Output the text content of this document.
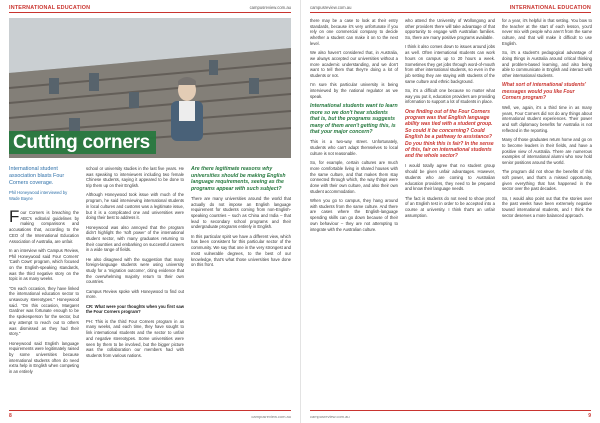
INTERNATIONAL EDUCATION	campusreview.com.au
Cutting corners
International student association blasts Four Corners coverage.
Phil Honeywood interviewed by Wade Bayne

Four Corners is breaching the ABC's editorial guidelines by making comparisons and accusations that, according to the CEO of the International Education Association of Australia, are unfair.

In an interview with Campus Review, Phil Honeywood said Four Corners' 'Cash Cows' program, which focused on the English-speaking standards, was the third negative story on the topic in as many weeks.

"On each occasion, they have linked the international education sector to unsavoury stereotypes." Honeywood said. "On this occasion, Margaret Gardner was fortunate enough to be the spokesperson for the sector, but any attempt to reach out to others was dismissed as they had their story."

Honeywood said English language requirements were legitimately raised by some universities because international students often do need extra help in English when competing in an entirely

school or university studies in the last five years. He was speaking to interviewers including two female Chinese students, saying it appeared to be done to trip them up on their English.

Although Honeywood took issue with much of the program, he said interviewing international students in local cultures and customs was a legitimate issue, but it is a complicated one and universities were doing their best to address it.

Honeywood was also annoyed that the program didn't highlight the 'soft power' of the international student sector, with many graduates returning to their countries and embarking on successful careers in a wide range of fields.

He also disagreed with the suggestion that many foreign-language students were using university study for a 'migration outcome', citing evidence that the overwhelming majority return to their own countries.

Campus Review spoke with Honeywood to find out more.

CR: What were your thoughts when you first saw the Four Corners program?

PH: This is the third Four Corners program in as many weeks, and each time, they have sought to link international students and the sector to unfair and negative stereotypes. Some universities were seen by them to be involved, but the bigger picture was the collaboration our members had with students from various nations.

Are there legitimate reasons why universities should be making English language requirements, seeing as the programs appear with such subject?

There are many universities around the world that actually do not impose an English language requirement for students coming from non-English-speaking countries – such as China and India – that lead to secondary school programs and their undergraduate programs entirely in English.

In this particular spirit we have a different view, which has been consistent for this particular sector of the community. We say that one in the very strongest and most vulnerable degrees, to the best of our knowledge, that's what those universities have done on this front.

8	campusreview.com.au
campusreview.com.au	INTERNATIONAL EDUCATION

there may be a case to look at their entry standards, because it's very unfortunate if you rely on one commercial company to decide whether a student can make it on to the next level.

We also haven't considered that, in Australia, we always accepted our universities without a more academic understanding, and we don't want to tell them that they're doing a lot of students or not.

I'm sure this particular university is being interviewed by the national regulator as we speak.

International students want to learn more so we don't hear students that is, but the programs suggests many of them aren't getting this, is that your major concern?

This is a two-way street. Unfortunately, students who can't adapt themselves to local culture is not reasonable.

So, for example, certain cultures are much more comfortable living in shared houses with the same culture, and that makes them stay connected through which, the way things were done with their own culture, and also their own student accommodation.

When you go to campus, they hang around with students from the same culture. And there are cases where the English-language spending skills can go down because of their own behaviour – they are not attempting to integrate with the Australian culture.

who attend the University of Wollongong and other providers there will take advantage of that opportunity to engage with Australian families. So, there are many positive programs available.

I think it also comes down to issues around jobs as well. Often international students can work hours on campus up to 20 hours a week. Sometimes they get jobs through word-of-mouth from other international students, so even in the job setting they are staying with students of the same culture and ethnic background.

So, it's a difficult one because no matter what way you put it, education providers are providing information to support a lot of students in place.

One finding out of the Four Corners program was that English language ability was tied with a student group. So could it be concerning? Could English be a pathway to assistance? Do you think this is fair? In the sense of this, fair on international students and the whole sector?

I would totally agree that no student group should be given unfair advantages. However, students who are coming to Australian education providers, they need to be prepared and know their language needs.

The fact is students do not need to show proof of an English test in order to be accepted into a course at university. I think that's an unfair assumption.

for a year, it's helpful in that setting. You bow to the teacher at the start of each lesson, you'd never mix with people who aren't from the same culture, and that will make it difficult to use English.

So, it's a student's pedagogical advantage of doing things in Australia around critical thinking and problem-based learning, and also being able to communicate in English and interact with other international students.

What sort of international students' messages would you like Four Corners program?

Well, we, again, it's a third time in as many years, Four Corners did not do any things about international student experiences. Their power and soft diplomacy benefits for Australia is not reflected in the reporting.

Many of those graduates return home and go on to become leaders in their fields, and have a positive view of Australia. There are numerous examples of international alumni who now hold senior positions around the world.

The program did not show the benefits of this soft power, and that's a missed opportunity, given everything that has happened in the sector over the past decades.

So, I would also point out that the stories over the past weeks have been extremely negative toward international students, and I think the sector deserves a more balanced approach.

campusreview.com.au	9
